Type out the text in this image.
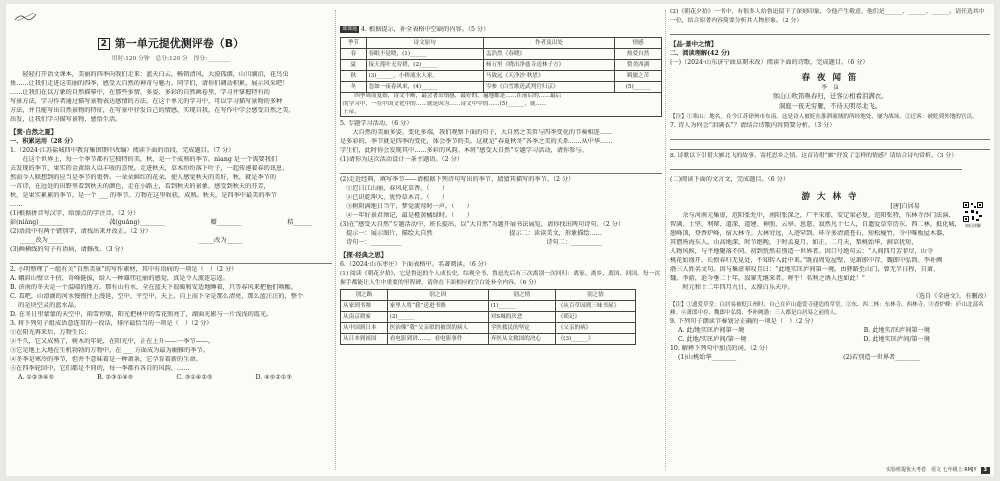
2 第一单元提优测评卷（B）
用时:120 分钟　总分:120 分　得分:________
　　轻轻打开语文课本，美丽的四季向我们走来：蓝天白云，畅销清风，大漠孤烟，山川湖泊，花鸟虫
鱼……让我们走进这美丽的四季，感受大自然的神奇与魅力。同学们，请你们调动积累，展示风采吧！
……让我们在以万象的自然描摹中，在那些多情、多姿、多彩的自然画卷里，学习并掌握特有的
写景方法，学习作者通过描写景物表达感情的方法。在这个单元的学习中，可以学习描写景物的多种
方法，并且能写出自然景物的特征，在写景中抒发自己的情感，实现自我，在写作中学会感受自然之美，
出发，让我们学习描写景物，感悟生活。
【赏·自然之夏】
一、积累运用（28 分）
1.（2024·江苏盐城四中教育集团期中改编）阅读下面的语段，完成题目。（7 分）
　　在这个世界上，每一个季节都有它独特的美，秋，是一个成熟的季节。nìang 是一个需要我们
去发现的季节，果实的金黄给人以丰收的喜悦。走进秋天，草木纷纷落下叶子，一起传递着春的讯息，
然而今人联想到的应当是季节的更替。一朵朵鲜红的花朵，使人感觉秋天的美好，秋，就是季节的
一首诗，在远处的田野里看到秋天的颜色，走在小路上，看到秋天的景象，感受到秋天的芬芳，
秋，是果实累累的季节，是一个 ___ 的季节。万物在这里收获，成熟。秋天，是四季中最美的季节
……
(1)根据拼音写汉字，给加点的字注音。（2 分）
彭(niàng)________	菰(guāng)________	瓣________	秸______
(2)语段中有两个错别字，请找出来并改正。（2 分）
_____改为_____	_____改为_____
(3)画横线的句子有语病，请修改。（3 分）
2. 小明整理了一组有关“自然美景”的写作素材，其中有语病的一项是（　）（2 分）
A. 峨眉山壁立千仞，奇峰挺拔，给人一种雄伟壮丽的感觉，真是令人流连忘返。
B. 济南的冬天是一个温晴的地方。那有山有水，全在蓝天下很暖和安适地睡着，只等春风来把他们唤醒。
C. 看吧，山滑滴的河水慢慢往上漫延，空中，平空中，天上，自上而下全是那么清亮，那么蓝汪汪的，整个
　 的是块空灵的蓝水晶。
D. 在冬日里蒙蒙的天空中，雨雪停歇，阳光把林中的雪花照亮了，湖面光影与一片浅浅的霞光。
3. 将下列句子组成语意连贯的一段话，排序最恰当的一项是（　）（2 分）
①在阳光再来后，万物生长；
②不久，它又成熟了，树木的年轮，在阳光中，正在上升——一季节——。
③它是地上大地在生机勃勃的万物中，在 ___ 方面成为最为幽雅的季节。
④冬季是寒冷的季节，但并不意味着是一种萧条，它孕育着新的生命。
⑤在四季轮回中，它们都是不同的，每一季都有各自的风韵，……
A. ①②③④⑤	B. ②③①④⑤	C. ③①④②⑤	D. ④⑤②①③
课课通 4. 根据提示，补全表格中空缺的内容。（5 分）
季节	诗文原句	作者及出处	情感
春	春眠不觉晓，(1)______	孟浩然《春晓》	热爱自然
夏	接天莲叶无穷碧，(2)______	杨万里《晓出净慈寺送林子方》	赞美西湖
秋	(3)______，小桥流水人家。	马致远《天净沙·秋思》	羁旅之苦
冬	忽如一夜春风来，(4)______	岑参《白雪歌送武判官归京》	(5)______

　　四季周而复始，诗文不断，最会著出情感，最好的，遍地都是……在前后的……最后
的学习中，一在中国文化中的……就是因为……诗文中中的……(5)______，就……
上帝。			
5. 专题学习活动。（6 分）
　　大自然的美丽多姿，变化多端，我们观察下面的句子，大自然之美常与四季变化的节奏相连……
是多彩的，季节就是四季的变化，体会季节的美。这就是“春夏秋冬”各季之美的关系……从中华……
学生们，此时你会发现其中……多彩的风韵。本班“感受大自然”专题学习活动，请你参与。
(1)请你为这次活动设计一条主题语。（2 分）
(2)走近经典，填写季节——请根据下列诗句写出的季节，猜猜其描写的季节。（2 分）
①迟日江山丽，春风花草香。（　　）
②已识乾坤大，犹怜草木青。（　　）
③树阴满地日当午，梦觉流莺时一声。（　　）
④一年好景君须记，最是橙黄橘绿时。（　　）
(3)在“感受大自然”专题活动中，班长提出，以“大自然”为题开展书法展览，请你找出两句诗句。（2 分）
提示一：展示图片，描绘大自然	提示二：读读美文，形象描绘……
诗句一：__________	诗句二：__________
【探·经典之思】
6.（2024·山东枣庄）下面表格中。名著阅读。（6 分）
(1) 阅读《朝花夕拾》，它是鲁迅的个人成长史。综观全书，鲁迅先后有三次离别一次回归：离家、离乡、离国、回国，每一次握手都能让人生中重要的里程碑，请你在下面相应的空白处补全内容。（6 分）
别之路	别之因	别之情	别之情
从家到书塾	家里人将“我”送进书塾	(1)______	《从百草园到三味书屋》
从南京到家	(2)______	对S城的厌恶	《琐记》
从中国到日本	医治像“我”父亲似的被误的病人	学医救民的坚定	《父亲的病》
从日本到祖国	看电影到讲……，看电影事件	弃医从文救国的决心	《(3)______》
(2)《朝花夕拾》一书中，有很多人给鲁迅留下了深刻印象，令他产生敬意，他们是______、______、______。请任选其中一位，结合原著内容简要分析其人物形象。（2 分）
【品·景中之情】
二、阅读理解(42 分)
(一)（2024·山东济宁曲阜期末改）阅读下面的诗歌，完成题目。（6 分）
春 夜 闻 笛
李　益
寒山①吹笛唤春归，迁客②相看泪满衣。
洞庭一夜无穷雁，不待天明尽北飞。
【注】①寒山：地名，在今江苏徐州市东南。这是诗人被贬在淮泗流域的所经地处，屡为战场。②迁客：被贬到外地的官员。
7. 诗人为何会“泪满衣”？请结合诗歌内容简要分析。（3 分）
8. 诗歌以下引借大雁北飞的故事，寄托思乡之情。这首诗借“雁”抒发了怎样的情感？请结合诗句赏析。（3 分）
知识讲解
(二)阅读下面的文言文，完成题目。（6 分）
游 大 林 寺
[唐]白居易
　　余与河南元集虚，范阳张允中，南阳张深之，广平宋郁，安定梁必复，范阳张特，东林寺沙门法演、
智满、士坚、利辩、道深、道建、神照、云皋、恩慈、寂然凡十七人，自遗爱草堂历东、西二林，抵化城，
憩峰顶，登香炉峰，宿大林寺。大林穷远，人迹罕到。环寺多清流苍石，短松瘦竹，寺中唯板屋木器，
其僧皆海东人。山高地深，时节绝晚，于时孟夏月，如正、二月天，梨桃始华，涧草犹短，
人物风候，与平地聚落不同。初到恍然若别造一世界者。因口号绝句云：“人间四月芳菲尽，山寺
桃花始盛开。长恨春归无觅处，不知转入此中来。”既而周览屋壁，见萧郎中存、魏郎中弘简、李补阙
渤三人姓名文句。因与集虚辈叹且曰：“此地实匡庐间第一境。由驿路至山门，曾无半日程，自萧、
魏、李游，迨今垂二十年，寂寥无继来者。嗟乎！名利之诱人也如此！”
　　时元和十二年四月九日，太原白乐天序。
（选自《全唐文》，有删改）
【注】①遗爱草堂：白居易被贬江州时，自己在庐山遗爱寺建造的草堂。②东、西二林：东林寺、西林寺。③香炉峰：庐山北部名峰。④萧郎中存、魏郎中弘简、李补阙渤：三人都是白居易之前的人。
9. 下列句子朗读节奏划分正确的一项是（　）（2 分）
A. 此/地实匡庐间第一境	B. 此地实/匡庐间第一境
C. 此地/实匡庐间/第一境	D. 此地实匡庐间/第一境
10. 解释下列句中加点的词。（2 分）
(1)山桃始华________	(2)若别造一世界者________
实验班提优大考卷　语文 七年级上 RMJY	3
